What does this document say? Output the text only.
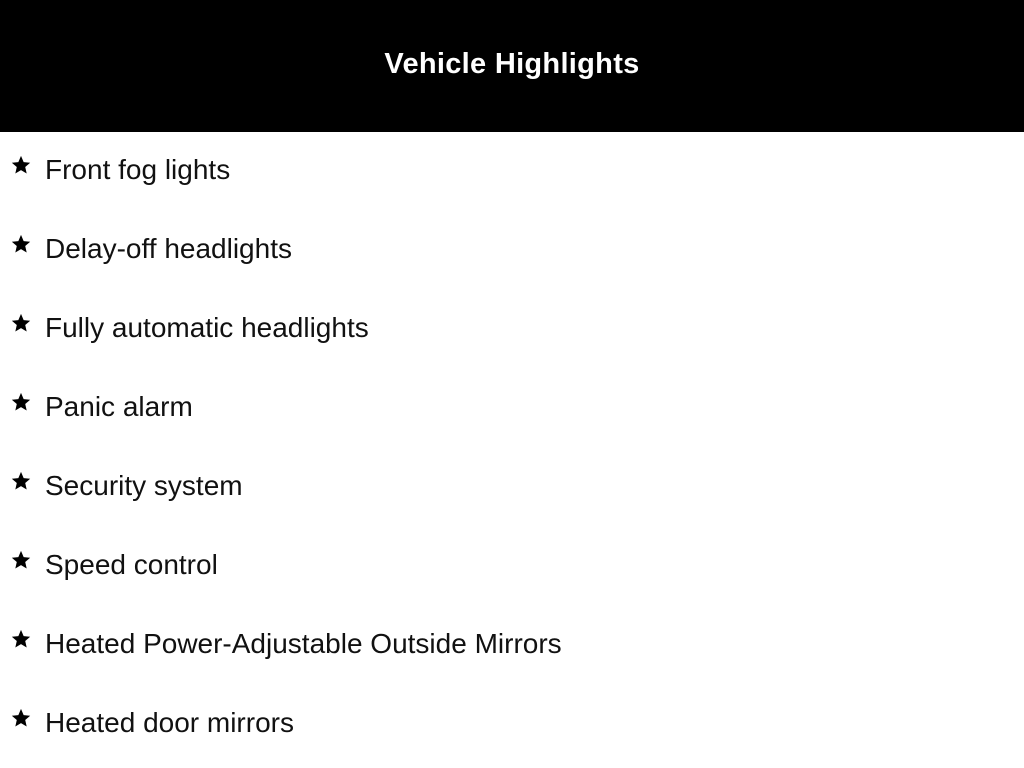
Vehicle Highlights
Front fog lights
Delay-off headlights
Fully automatic headlights
Panic alarm
Security system
Speed control
Heated Power-Adjustable Outside Mirrors
Heated door mirrors
